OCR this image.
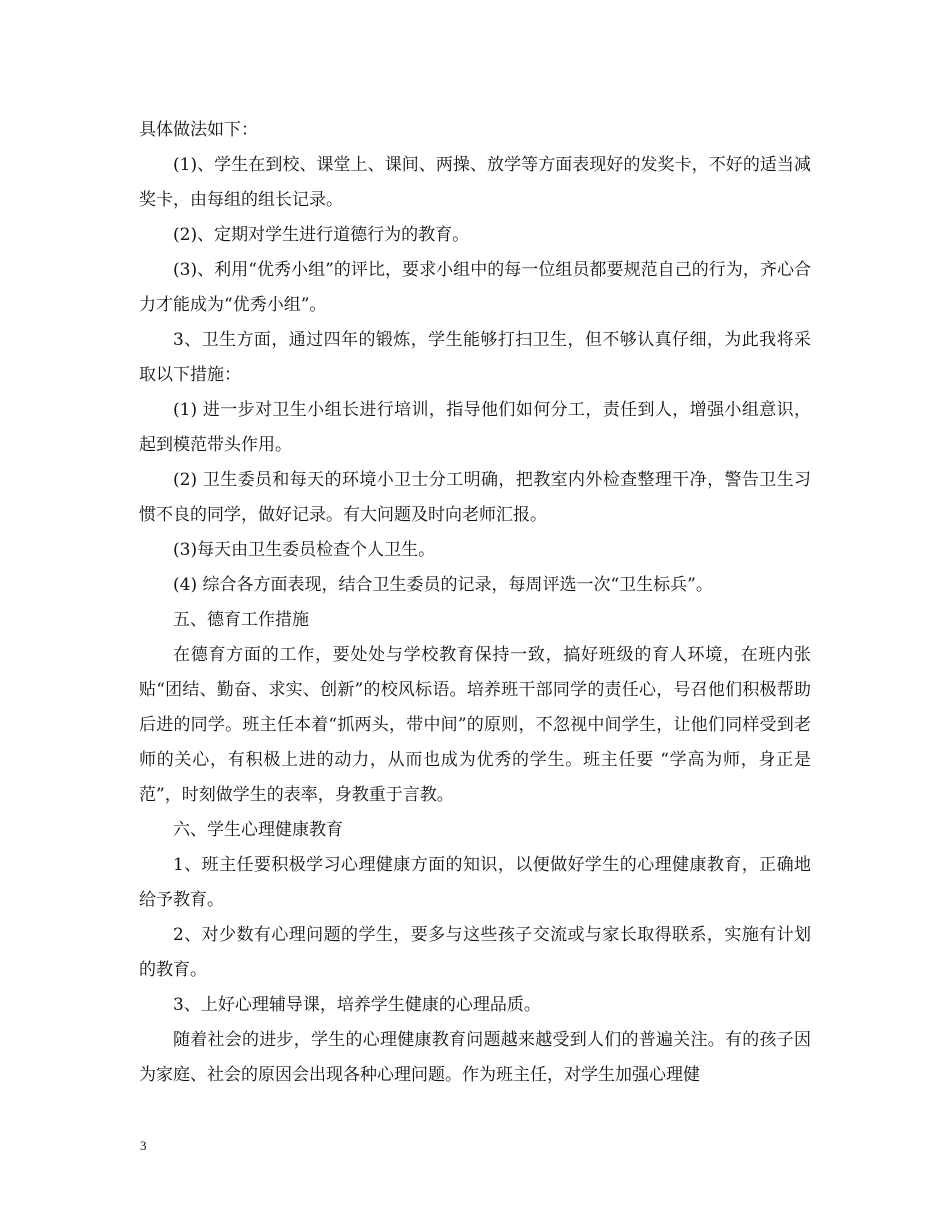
具体做法如下：

(1)、学生在到校、课堂上、课间、两操、放学等方面表现好的发奖卡，不好的适当减奖卡，由每组的组长记录。

(2)、定期对学生进行道德行为的教育。

(3)、利用“优秀小组”的评比，要求小组中的每一位组员都要规范自己的行为，齐心合力才能成为“优秀小组”。

3、卫生方面，通过四年的锻炼，学生能够打扫卫生，但不够认真仔细，为此我将采取以下措施：

(1) 进一步对卫生小组长进行培训，指导他们如何分工，责任到人，增强小组意识，起到模范带头作用。

(2) 卫生委员和每天的环境小卫士分工明确，把教室内外检查整理干净，警告卫生习惯不良的同学，做好记录。有大问题及时向老师汇报。

(3)每天由卫生委员检查个人卫生。

(4) 综合各方面表现，结合卫生委员的记录，每周评选一次“卫生标兵”。

五、德育工作措施

在德育方面的工作，要处处与学校教育保持一致，搞好班级的育人环境，在班内张贴“团结、勤奋、求实、创新”的校风标语。培养班干部同学的责任心，号召他们积极帮助后进的同学。班主任本着“抓两头，带中间”的原则，不忽视中间学生，让他们同样受到老师的关心，有积极上进的动力，从而也成为优秀的学生。班主任要 “学高为师，身正是范”，时刻做学生的表率，身教重于言教。

六、学生心理健康教育

1、班主任要积极学习心理健康方面的知识，以便做好学生的心理健康教育，正确地给予教育。

2、对少数有心理问题的学生，要多与这些孩子交流或与家长取得联系，实施有计划的教育。

3、上好心理辅导课，培养学生健康的心理品质。

随着社会的进步，学生的心理健康教育问题越来越受到人们的普遍关注。有的孩子因为家庭、社会的原因会出现各种心理问题。作为班主任，对学生加强心理健

3
